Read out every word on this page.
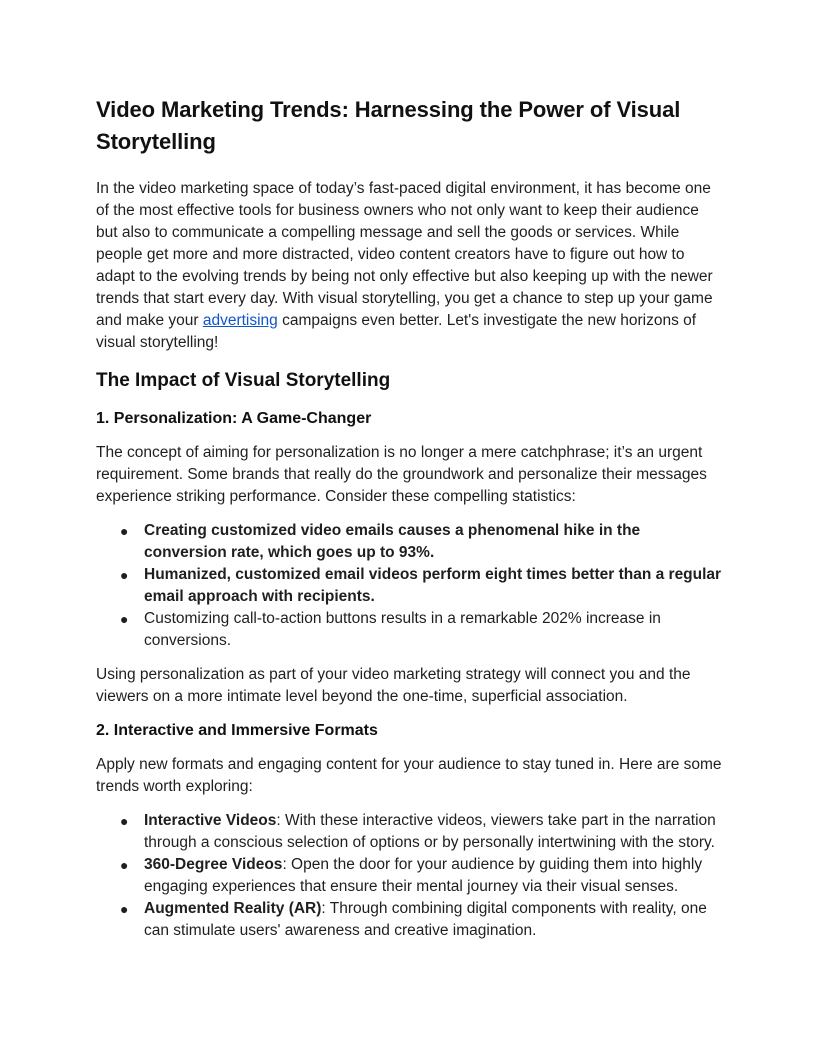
Video Marketing Trends: Harnessing the Power of Visual Storytelling

In the video marketing space of today’s fast-paced digital environment, it has become one of the most effective tools for business owners who not only want to keep their audience but also to communicate a compelling message and sell the goods or services. While people get more and more distracted, video content creators have to figure out how to adapt to the evolving trends by being not only effective but also keeping up with the newer trends that start every day. With visual storytelling, you get a chance to step up your game and make your advertising campaigns even better. Let's investigate the new horizons of visual storytelling!

The Impact of Visual Storytelling
1. Personalization: A Game-Changer

The concept of aiming for personalization is no longer a mere catchphrase; it’s an urgent requirement. Some brands that really do the groundwork and personalize their messages experience striking performance. Consider these compelling statistics:

● Creating customized video emails causes a phenomenal hike in the conversion rate, which goes up to 93%.
● Humanized, customized email videos perform eight times better than a regular email approach with recipients.
● Customizing call-to-action buttons results in a remarkable 202% increase in conversions.

Using personalization as part of your video marketing strategy will connect you and the viewers on a more intimate level beyond the one-time, superficial association.

2. Interactive and Immersive Formats

Apply new formats and engaging content for your audience to stay tuned in. Here are some trends worth exploring:

● Interactive Videos: With these interactive videos, viewers take part in the narration through a conscious selection of options or by personally intertwining with the story.
● 360-Degree Videos: Open the door for your audience by guiding them into highly engaging experiences that ensure their mental journey via their visual senses.
● Augmented Reality (AR): Through combining digital components with reality, one can stimulate users' awareness and creative imagination.
